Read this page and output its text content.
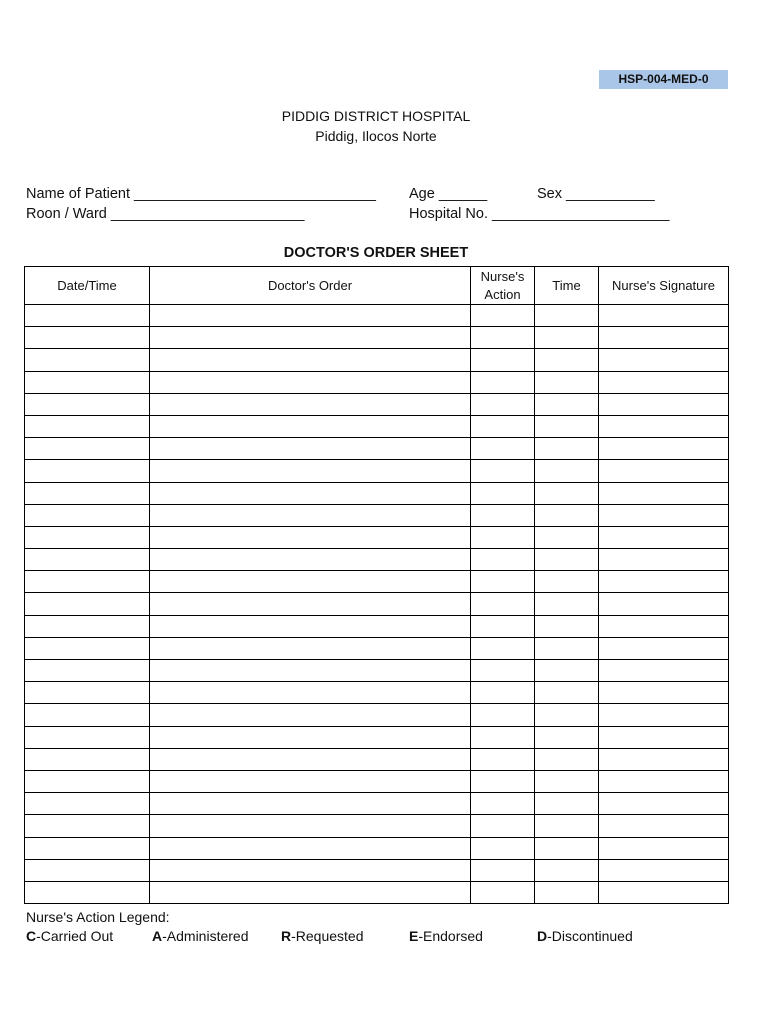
HSP-004-MED-0
PIDDIG DISTRICT HOSPITAL
Piddig, Ilocos Norte
Name of Patient ______________________________ Age ______	Sex ___________
Roon / Ward ________________________	Hospital No. ______________________
DOCTOR'S ORDER SHEET
Date/Time	Doctor's Order	Nurse's Action	Time	Nurse's Signature

Nurse's Action Legend:
C-Carried Out	A-Administered R-Requested	E-Endorsed	D-Discontinued
